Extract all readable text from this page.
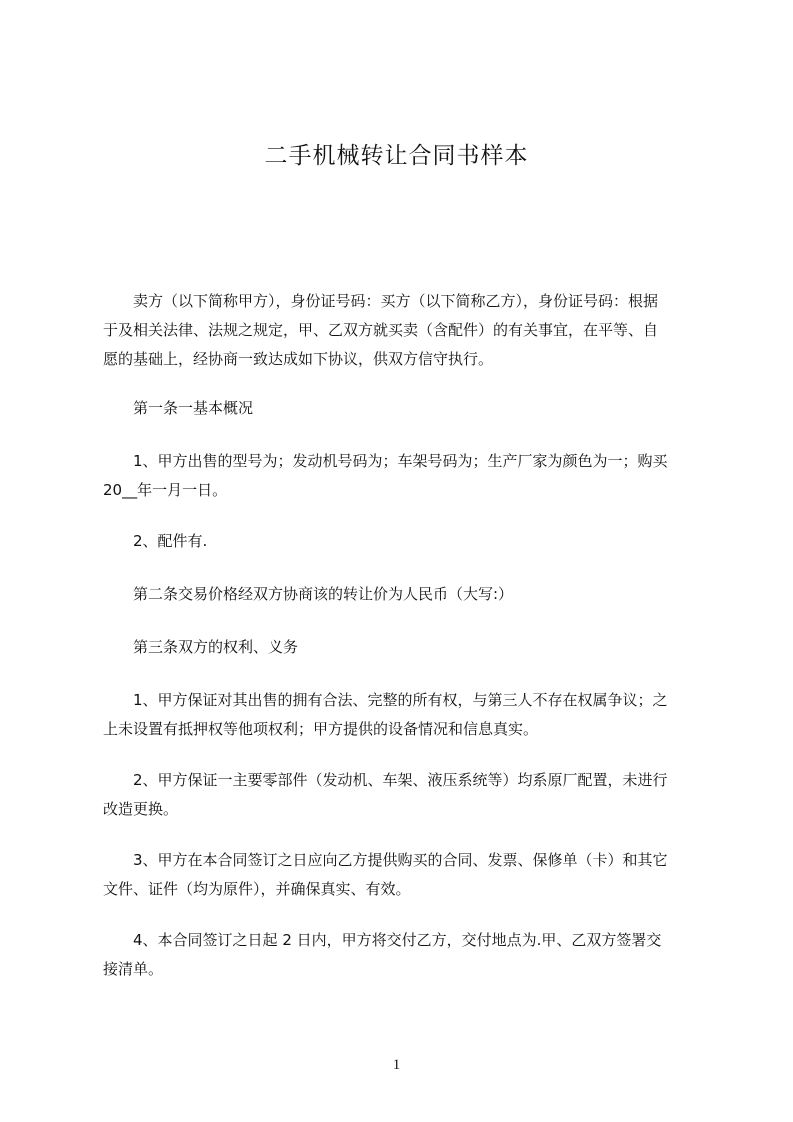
二手机械转让合同书样本

　　卖方（以下简称甲方），身份证号码：买方（以下简称乙方），身份证号码：根据
于及相关法律、法规之规定，甲、乙双方就买卖（含配件）的有关事宜，在平等、自
愿的基础上，经协商一致达成如下协议，供双方信守执行。

　　第一条一基本概况

　　1、甲方出售的型号为；发动机号码为；车架号码为；生产厂家为颜色为一；购买
20__年一月一日。

　　2、配件有.

　　第二条交易价格经双方协商该的转让价为人民币（大写:）

　　第三条双方的权利、义务

　　1、甲方保证对其出售的拥有合法、完整的所有权，与第三人不存在权属争议；之
上未设置有抵押权等他项权利；甲方提供的设备情况和信息真实。

　　2、甲方保证一主要零部件（发动机、车架、液压系统等）均系原厂配置，未进行
改造更换。

　　3、甲方在本合同签订之日应向乙方提供购买的合同、发票、保修单（卡）和其它
文件、证件（均为原件），并确保真实、有效。

　　4、本合同签订之日起 2 日内，甲方将交付乙方，交付地点为.甲、乙双方签署交
接清单。

1
